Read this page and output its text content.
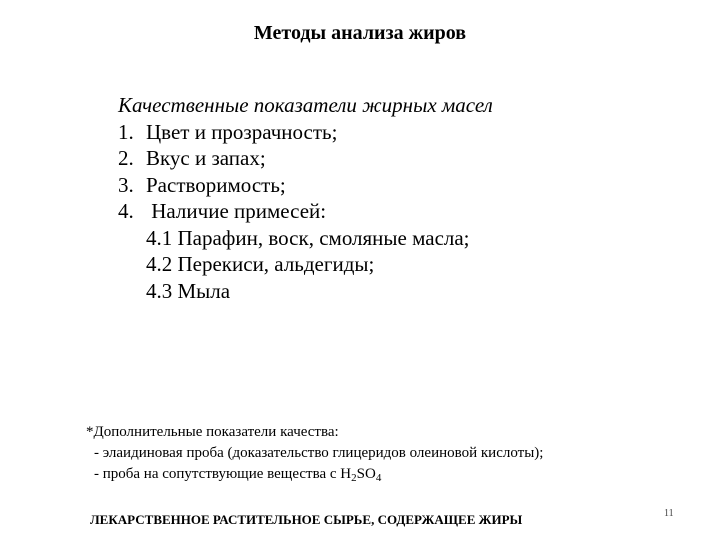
Методы анализа жиров
Качественные показатели жирных масел
1. Цвет и прозрачность;
2. Вкус и запах;
3. Растворимость;
4. Наличие примесей:
4.1 Парафин, воск, смоляные масла;
4.2 Перекиси, альдегиды;
4.3 Мыла
*Дополнительные показатели качества:
- элаидиновая проба (доказательство глицеридов олеиновой кислоты);
- проба на сопутствующие вещества с $H_2SO_4$
ЛЕКАРСТВЕННОЕ РАСТИТЕЛЬНОЕ СЫРЬЕ, СОДЕРЖАЩЕЕ ЖИРЫ	11
